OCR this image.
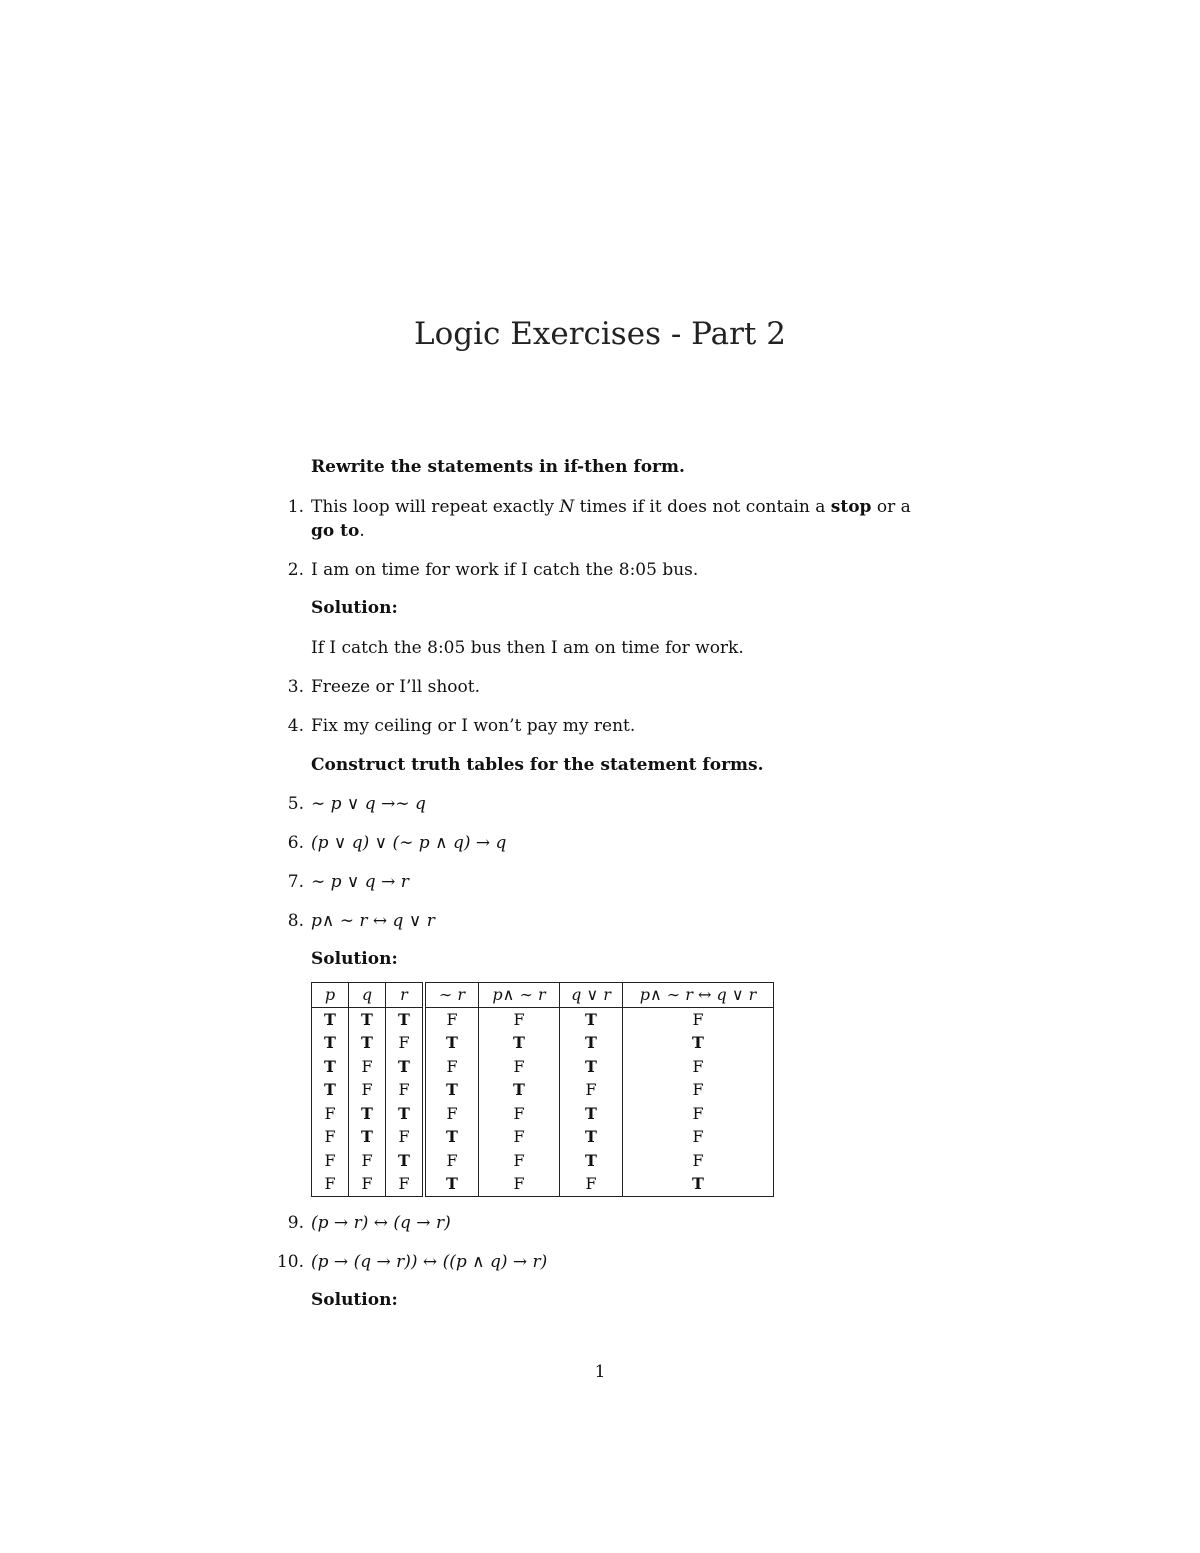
Logic Exercises - Part 2
Rewrite the statements in if-then form.
1. This loop will repeat exactly N times if it does not contain a stop or a
go to.
2. I am on time for work if I catch the 8:05 bus.
Solution:
If I catch the 8:05 bus then I am on time for work.
3. Freeze or I’ll shoot.
4. Fix my ceiling or I won’t pay my rent.
Construct truth tables for the statement forms.
5. ∼ p ∨ q →∼ q
6. (p ∨ q) ∨ (∼ p ∧ q) → q
7. ∼ p ∨ q → r
8. p∧ ∼ r ↔ q ∨ r
Solution:
p	q	r	∼ r	p∧ ∼ r	q ∨ r	p∧ ∼ r ↔ q ∨ r
T	T	T	F	F	T	F
T	T	F	T	T	T	T
T	F	T	F	F	T	F
T	F	F	T	T	F	F
F	T	T	F	F	T	F
F	T	F	T	F	T	F
F	F	T	F	F	T	F
F	F	F	T	F	F	T
9. (p → r) ↔ (q → r)
10. (p → (q → r)) ↔ ((p ∧ q) → r)
Solution:
1
